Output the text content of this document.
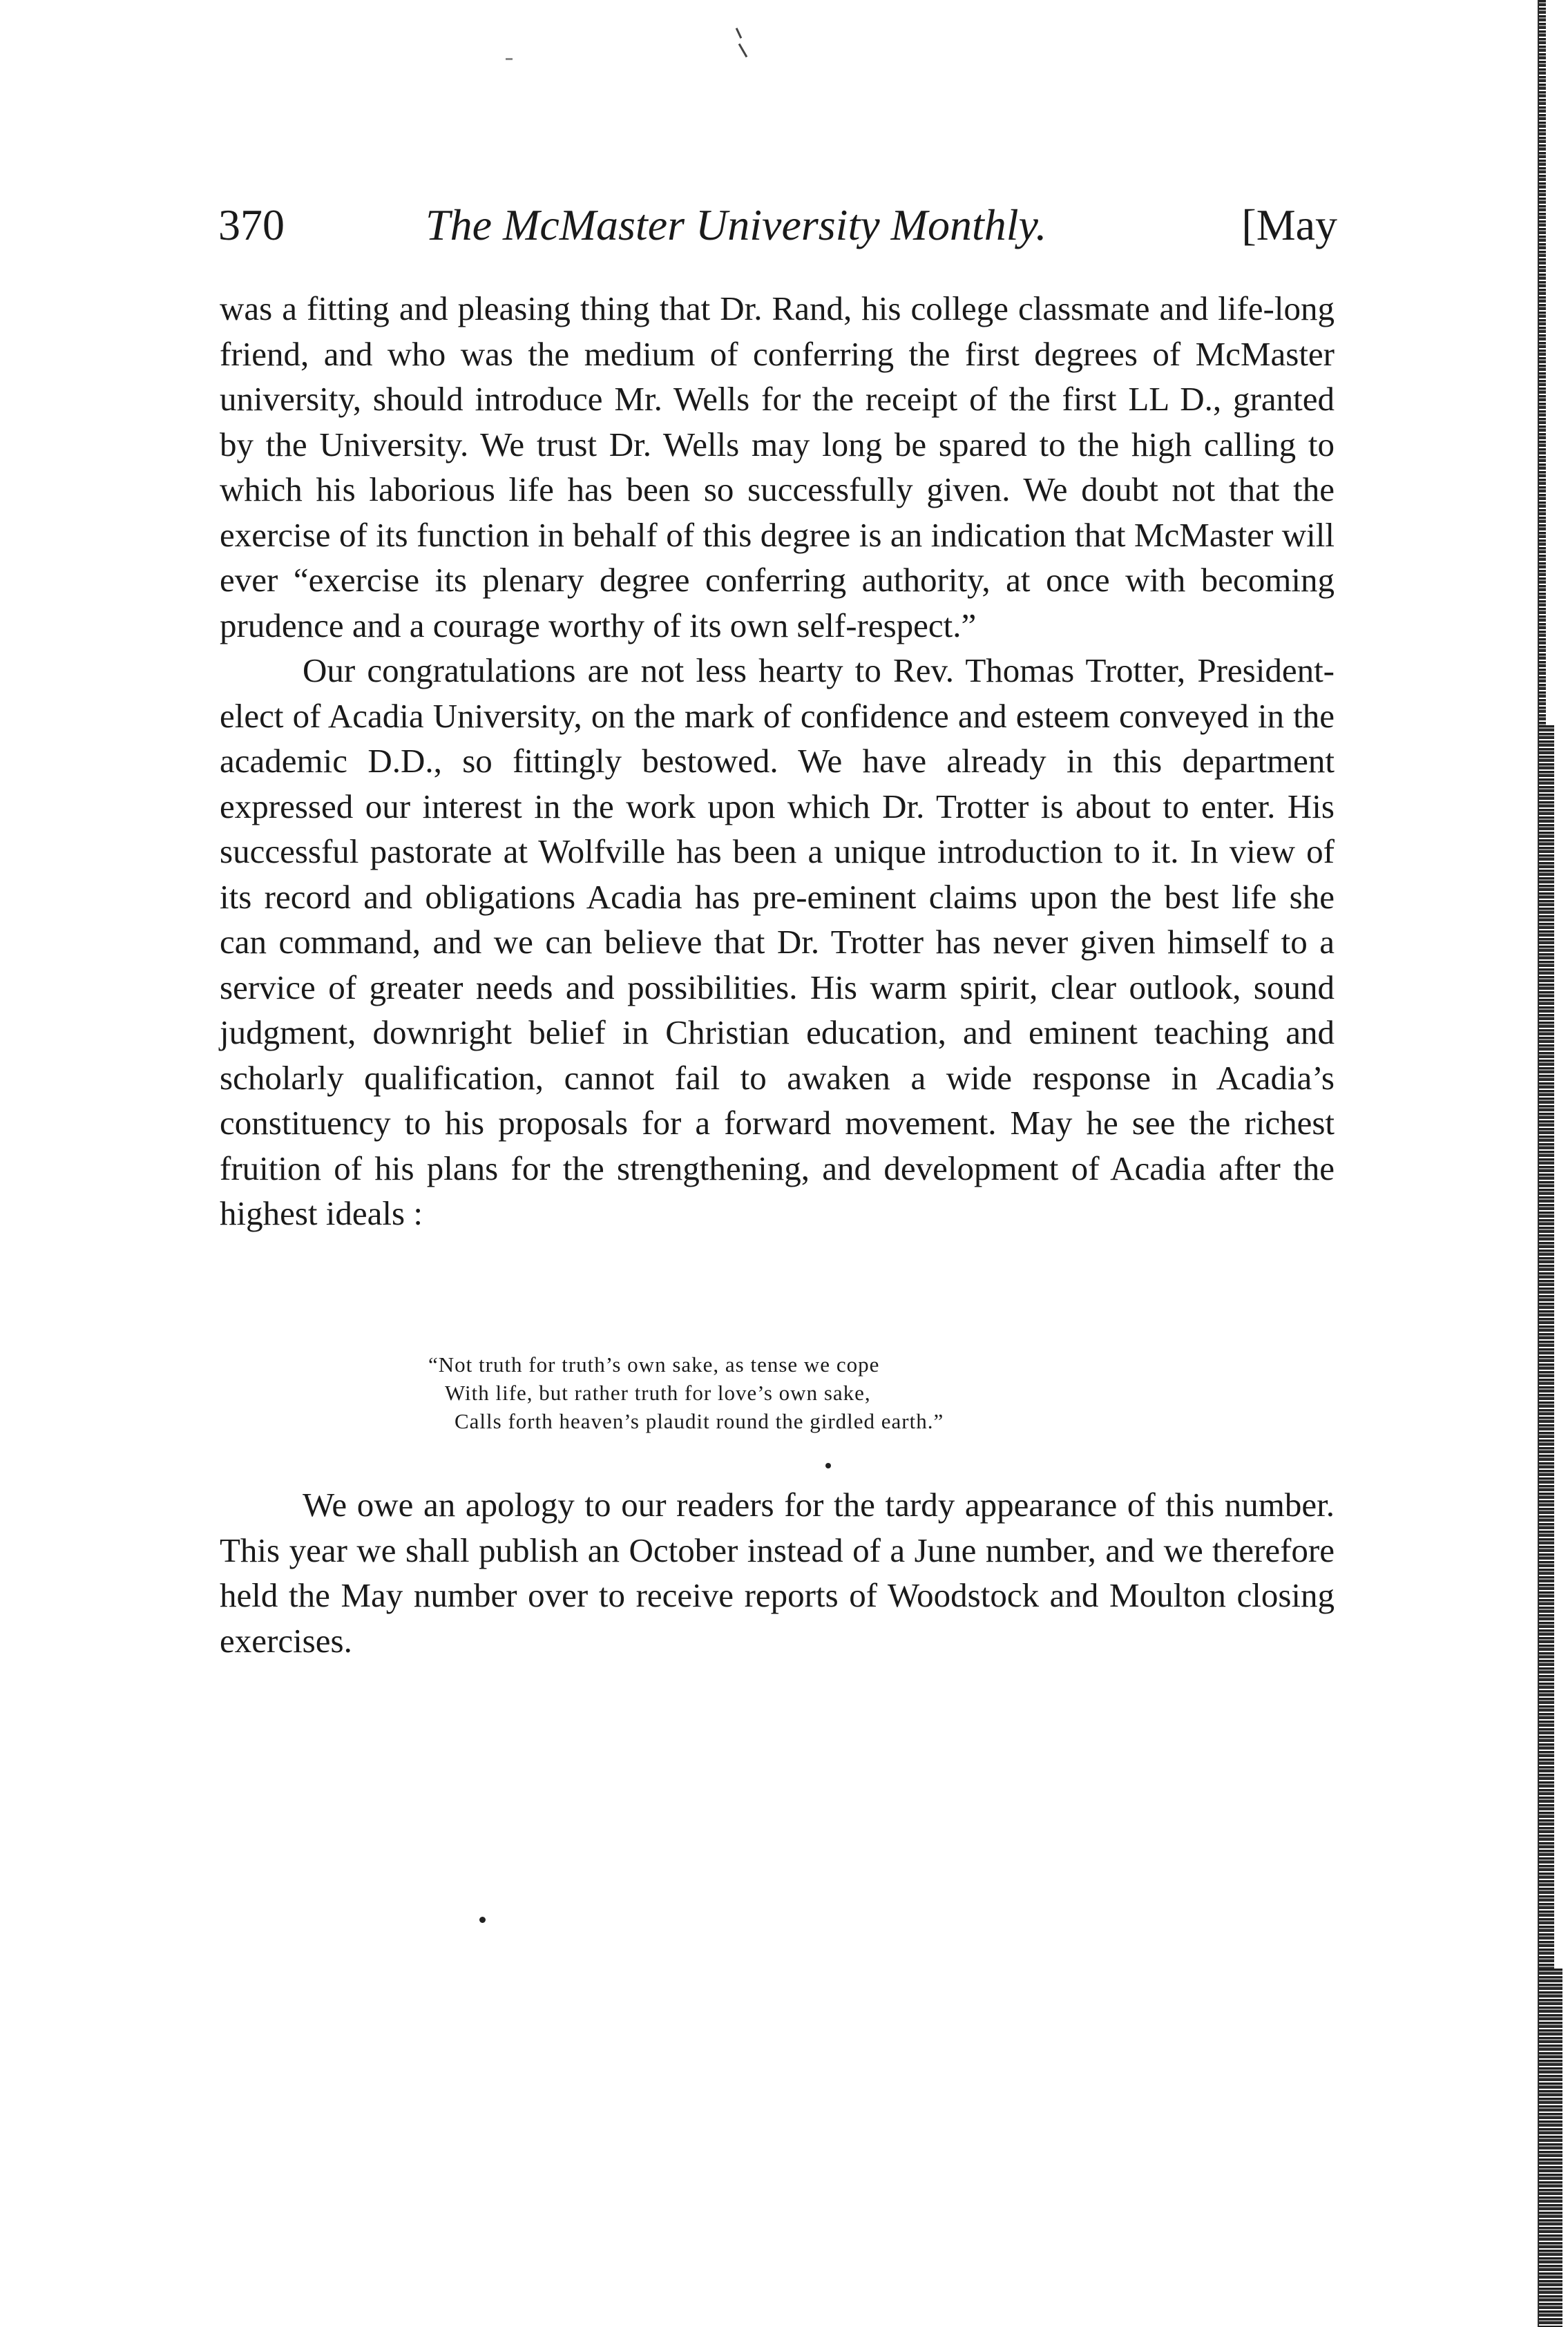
370	The McMaster University Monthly.	[May

was a fitting and pleasing thing that Dr. Rand, his college classmate and life-long friend, and who was the medium of conferring the first degrees of McMaster university, should introduce Mr. Wells for the receipt of the first LL D., granted by the University. We trust Dr. Wells may long be spared to the high calling to which his laborious life has been so successfully given. We doubt not that the exercise of its function in behalf of this degree is an indication that McMaster will ever “exercise its plenary degree conferring authority, at once with becoming prudence and a courage worthy of its own self-respect.”

Our congratulations are not less hearty to Rev. Thomas Trotter, President-elect of Acadia University, on the mark of confidence and esteem conveyed in the academic D.D., so fittingly bestowed. We have already in this department expressed our interest in the work upon which Dr. Trotter is about to enter. His successful pastorate at Wolfville has been a unique introduction to it. In view of its record and obligations Acadia has pre-eminent claims upon the best life she can command, and we can believe that Dr. Trotter has never given himself to a service of greater needs and possibilities. His warm spirit, clear outlook, sound judgment, downright belief in Christian education, and eminent teaching and scholarly qualification, cannot fail to awaken a wide response in Acadia’s constituency to his proposals for a forward movement. May he see the richest fruition of his plans for the strengthening, and development of Acadia after the highest ideals :

“Not truth for truth’s own sake, as tense we cope

With life, but rather truth for love’s own sake,

Calls forth heaven’s plaudit round the girdled earth.”

We owe an apology to our readers for the tardy appearance of this number. This year we shall publish an October instead of a June number, and we therefore held the May number over to receive reports of Woodstock and Moulton closing exercises.
